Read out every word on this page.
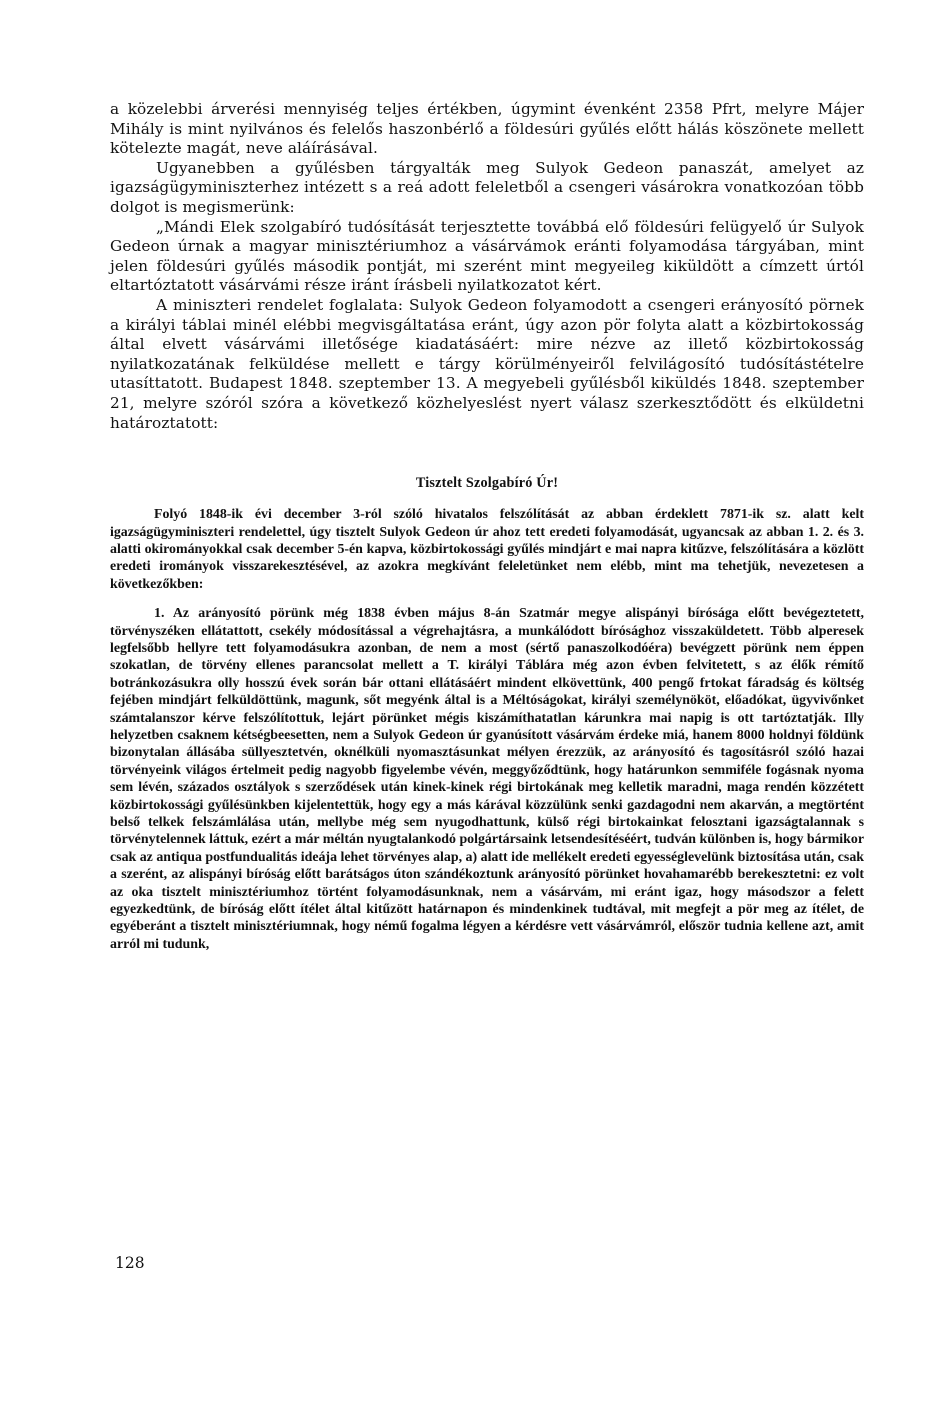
a közelebbi árverési mennyiség teljes értékben, úgymint évenként 2358 Pfrt, melyre Májer Mihály is mint nyilvános és felelős haszonbérlő a földesúri gyűlés előtt hálás köszönete mellett kötelezte magát, neve aláírásával.

Ugyanebben a gyűlésben tárgyalták meg Sulyok Gedeon panaszát, amelyet az igazságügyminiszterhez intézett s a reá adott feleletből a csengeri vásárokra vonatkozóan több dolgot is megismerünk:

„Mándi Elek szolgabíró tudósítását terjesztette továbbá elő földesúri felügyelő úr Sulyok Gedeon úrnak a magyar minisztériumhoz a vásárvámok eránti folyamodása tárgyában, mint jelen földesúri gyűlés második pontját, mi szerént mint megyeileg kiküldött a címzett úrtól eltartóztatott vásárvámi része iránt írásbeli nyilatkozatot kért.

A miniszteri rendelet foglalata: Sulyok Gedeon folyamodott a csengeri erányosító pörnek a királyi táblai minél elébbi megvisgáltatása eránt, úgy azon pör folyta alatt a közbirtokosság által elvett vásárvámi illetősége kiadatásáért: mire nézve az illető közbirtokosság nyilatkozatának felküldése mellett e tárgy körülményeiről felvilágosító tudósítástételre utasíttatott. Budapest 1848. szeptember 13. A megyebeli gyűlésből kiküldés 1848. szeptember 21, melyre szóról szóra a következő közhelyeslést nyert válasz szerkesztődött és elküldetni határoztatott:

Tisztelt Szolgabíró Úr!

Folyó 1848-ik évi december 3-ról szóló hivatalos felszólítását az abban érdeklett 7871-ik sz. alatt kelt igazságügyminiszteri rendelettel, úgy tisztelt Sulyok Gedeon úr ahoz tett eredeti folyamodását, ugyancsak az abban 1. 2. és 3. alatti okirományokkal csak december 5-én kapva, közbirtokossági gyűlés mindjárt e mai napra kitűzve, felszólítására a közlött eredeti irományok visszarekesztésével, az azokra megkívánt feleletünket nem elébb, mint ma tehetjük, nevezetesen a következőkben:

1. Az arányosító pörünk még 1838 évben május 8-án Szatmár megye alispányi bírósága előtt bevégeztetett, törvényszéken ellátattott, csekély módosítással a végrehajtásra, a munkálódott bírósághoz visszaküldetett. Több alperesek legfelsőbb hellyre tett folyamodásukra azonban, de nem a most (sértő panaszolkodóéra) bevégzett pörünk nem éppen szokatlan, de törvény ellenes parancsolat mellett a T. királyi Táblára még azon évben felvitetett, s az élők rémítő botránkozásukra olly hosszú évek során bár ottani ellátásáért mindent elkövettünk, 400 pengő frtokat fáradság és költség fejében mindjárt felküldöttünk, magunk, sőt megyénk által is a Méltóságokat, királyi személynököt, előadókat, ügyvivőnket számtalanszor kérve felszólítottuk, lejárt pörünket mégis kiszámíthatatlan kárunkra mai napig is ott tartóztatják. Illy helyzetben csaknem kétségbeesetten, nem a Sulyok Gedeon úr gyanúsított vásárvám érdeke miá, hanem 8000 holdnyi földünk bizonytalan állásába süllyesztetvén, oknélküli nyomasztásunkat mélyen érezzük, az arányosító és tagosításról szóló hazai törvényeink világos értelmeit pedig nagyobb figyelembe vévén, meggyőződtünk, hogy határunkon semmiféle fogásnak nyoma sem lévén, százados osztályok s szerződések után kinek-kinek régi birtokának meg kelletik maradni, maga rendén közzétett közbirtokossági gyűlésünkben kijelentettük, hogy egy a más kárával közzülünk senki gazdagodni nem akarván, a megtörtént belső telkek felszámlálása után, mellybe még sem nyugodhattunk, külső régi birtokainkat felosztani igazságtalannak s törvénytelennek láttuk, ezért a már méltán nyugtalankodó polgártársaink letsendesítéséért, tudván különben is, hogy bármikor csak az antiqua postfundualitás ideája lehet törvényes alap, a) alatt ide mellékelt eredeti egyességlevelünk biztosítása után, csak a szerént, az alispányi bíróság előtt barátságos úton szándékoztunk arányosító pörünket hovahamarébb berekesztetni: ez volt az oka tisztelt minisztériumhoz történt folyamodásunknak, nem a vásárvám, mi eránt igaz, hogy másodszor a felett egyezkedtünk, de bíróság előtt ítélet által kitűzött határnapon és mindenkinek tudtával, mit megfejt a pör meg az ítélet, de egyéberánt a tisztelt minisztériumnak, hogy némű fogalma légyen a kérdésre vett vásárvámról, először tudnia kellene azt, amit arról mi tudunk,

128
